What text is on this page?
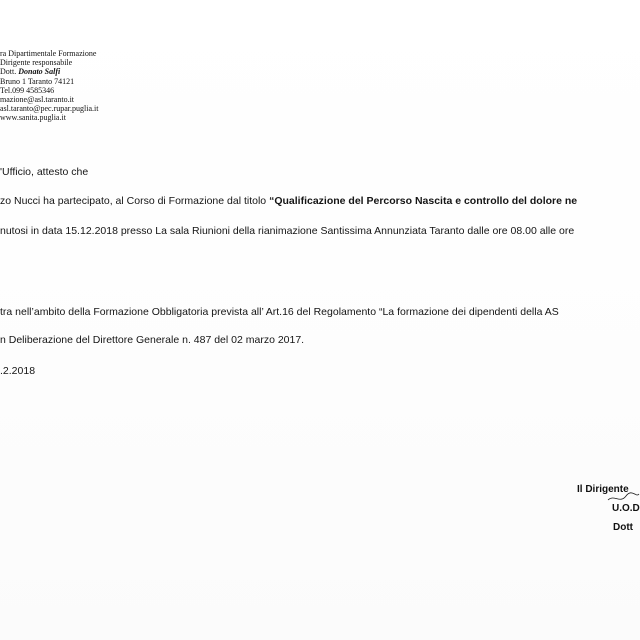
ra Dipartimentale Formazione
Dirigente responsabile
Dott. Donato Salfi
Bruno 1 Taranto 74121
Tel.099 4585346
mazione@asl.taranto.it
asl.taranto@pec.rupar.puglia.it
www.sanita.puglia.it
'Ufficio, attesto che
zo Nucci ha partecipato, al Corso di Formazione dal titolo “Qualificazione del Percorso Nascita e controllo del dolore ne
nutosi in data 15.12.2018 presso La sala Riunioni della rianimazione Santissima Annunziata Taranto dalle ore 08.00 alle ore
tra nell’ambito della Formazione Obbligatoria prevista all’ Art.16 del Regolamento “La formazione dei dipendenti della AS
n Deliberazione del Direttore Generale n. 487 del 02 marzo 2017.
.2.2018
Il Dirigente
U.O.D
Dott
